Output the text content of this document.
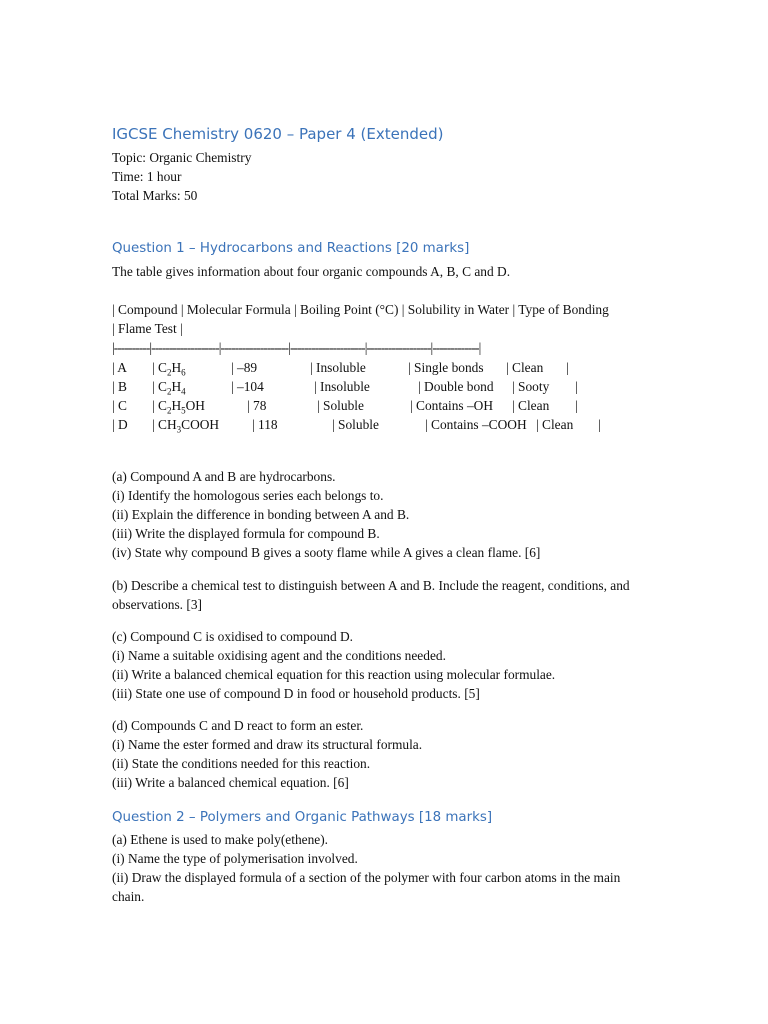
IGCSE Chemistry 0620 – Paper 4 (Extended)
Topic: Organic Chemistry
Time: 1 hour
Total Marks: 50
Question 1 – Hydrocarbons and Reactions [20 marks]
The table gives information about four organic compounds A, B, C and D.
| Compound | Molecular Formula | Boiling Point (°C) | Solubility in Water | Type of Bonding
| Flame Test |
|----------|-------------------|-------------------|---------------------|------------------|-------------|
| A | $C_2H_6$	| –89	| Insoluble	| Single bonds | Clean |
| B | $C_2H_4$	| –104	| Insoluble	| Double bond | Sooty |
| C | $C_2H_5OH$	| 78	| Soluble	| Contains –OH | Clean |
| D | $CH_3COOH$ | 118	| Soluble	| Contains –COOH | Clean |
(a) Compound A and B are hydrocarbons.
(i) Identify the homologous series each belongs to.
(ii) Explain the difference in bonding between A and B.
(iii) Write the displayed formula for compound B.
(iv) State why compound B gives a sooty flame while A gives a clean flame. [6]
(b) Describe a chemical test to distinguish between A and B. Include the reagent, conditions, and observations. [3]
(c) Compound C is oxidised to compound D.
(i) Name a suitable oxidising agent and the conditions needed.
(ii) Write a balanced chemical equation for this reaction using molecular formulae.
(iii) State one use of compound D in food or household products. [5]
(d) Compounds C and D react to form an ester.
(i) Name the ester formed and draw its structural formula.
(ii) State the conditions needed for this reaction.
(iii) Write a balanced chemical equation. [6]
Question 2 – Polymers and Organic Pathways [18 marks]
(a) Ethene is used to make poly(ethene).
(i) Name the type of polymerisation involved.
(ii) Draw the displayed formula of a section of the polymer with four carbon atoms in the main chain.
